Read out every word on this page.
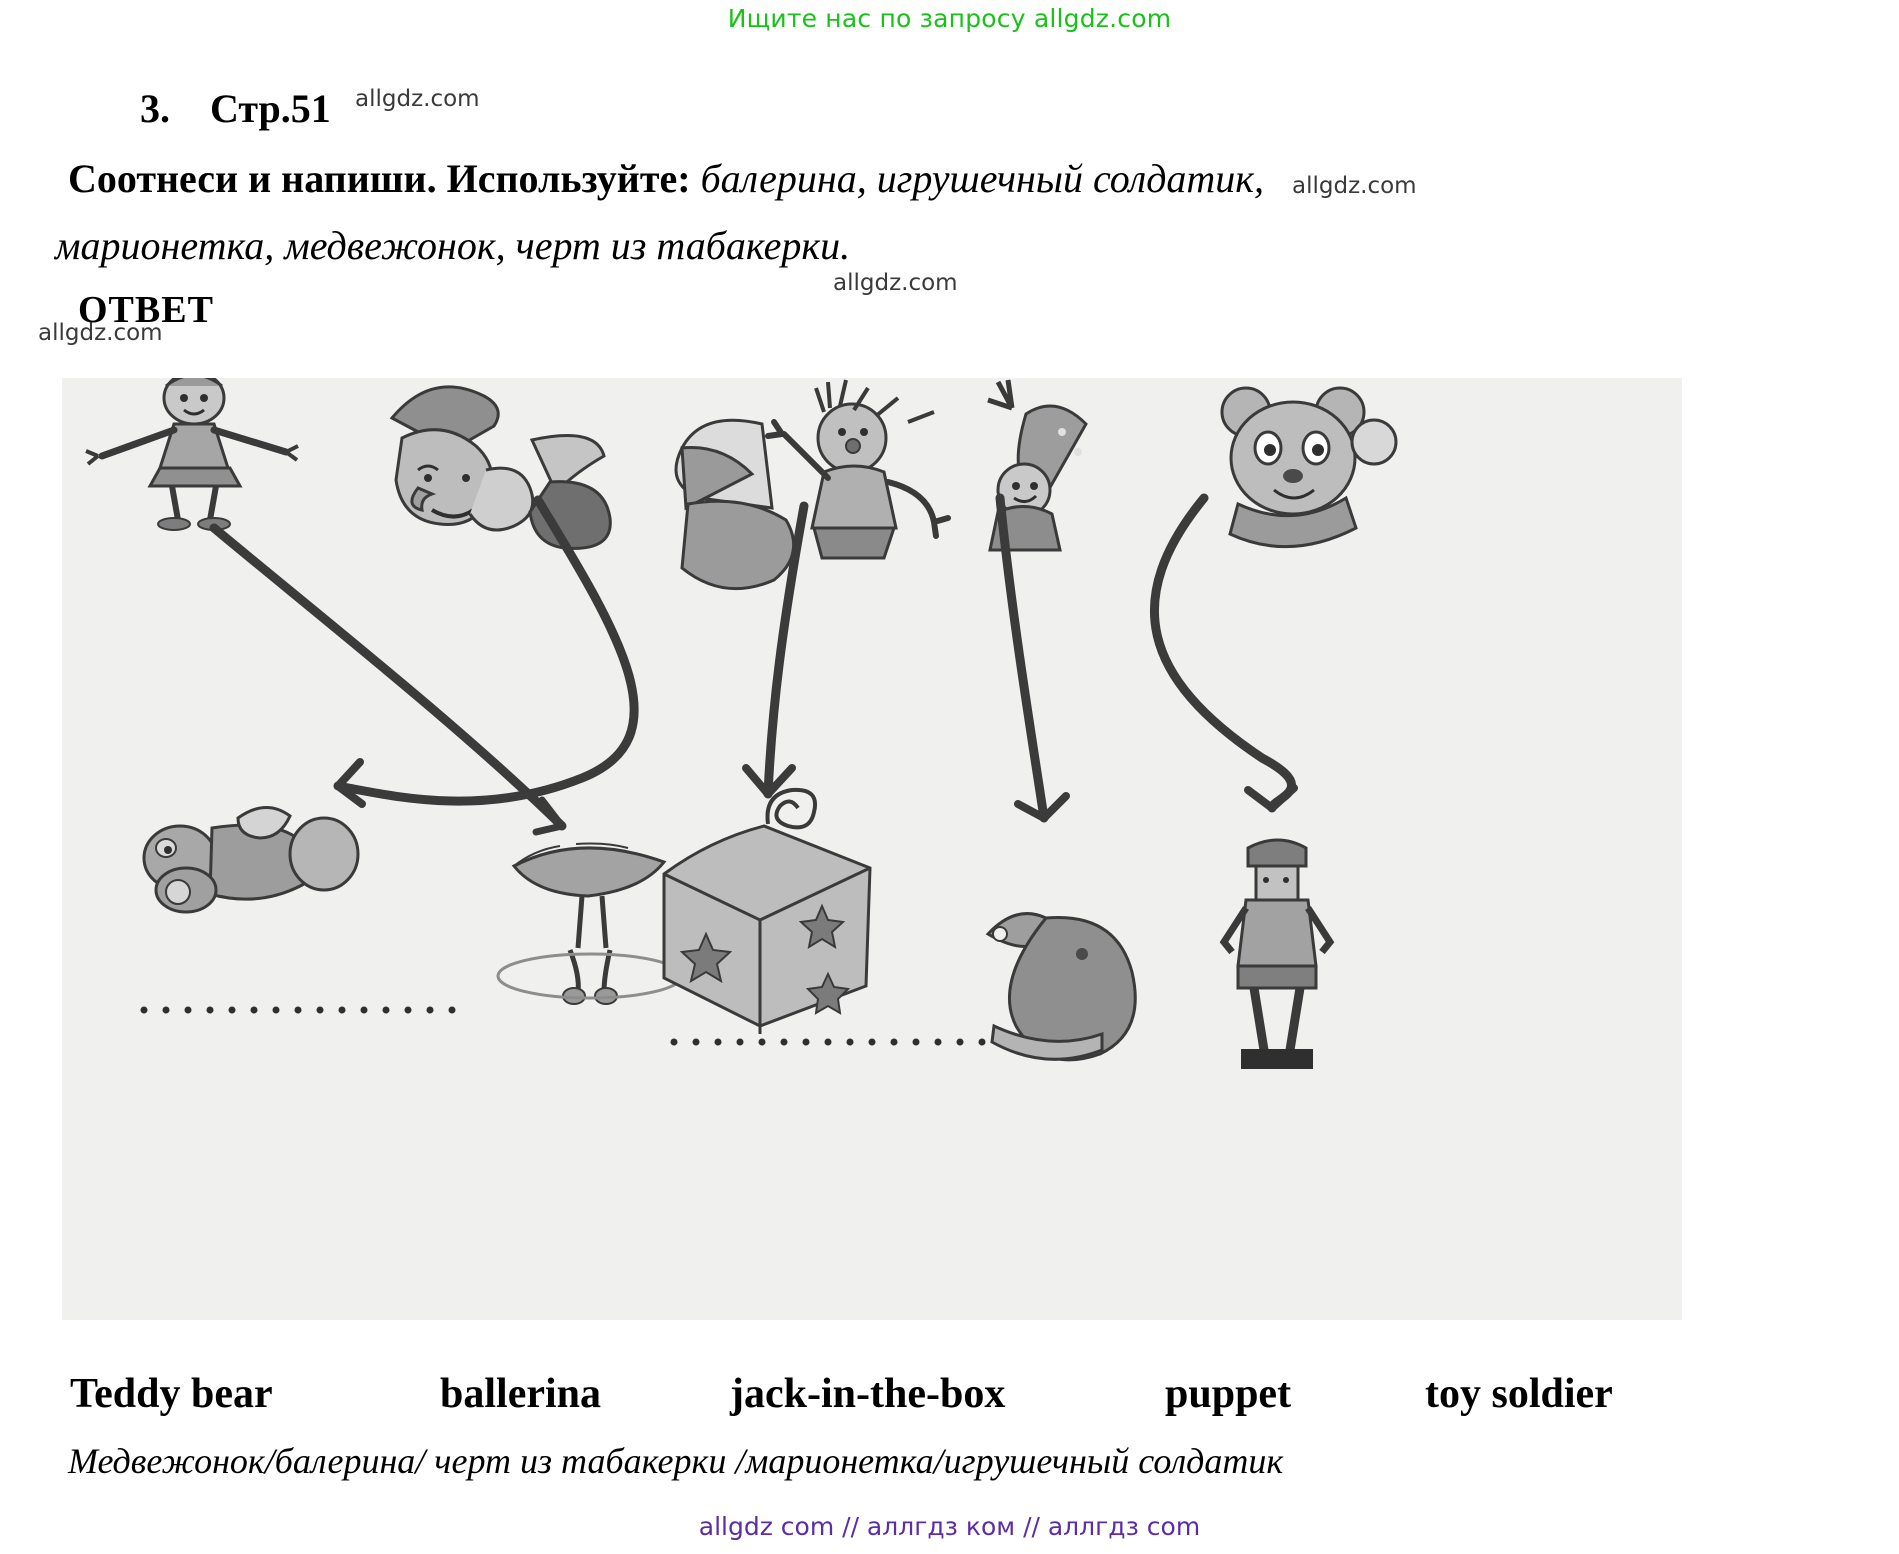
Ищите нас по запросу allgdz.com
3. Стр.51
Соотнеси и напиши. Используйте: балерина, игрушечный солдатик,
марионетка, медвежонок, черт из табакерки.
ОТВЕТ
allgdz.com
allgdz.com
allgdz.com
allgdz.com
Teddy bear	ballerina	jack-in-the-box	puppet	toy soldier
Медвежонок/балерина/ черт из табакерки /марионетка/игрушечный солдатик
allgdz com // аллгдз ком // аллгдз com
